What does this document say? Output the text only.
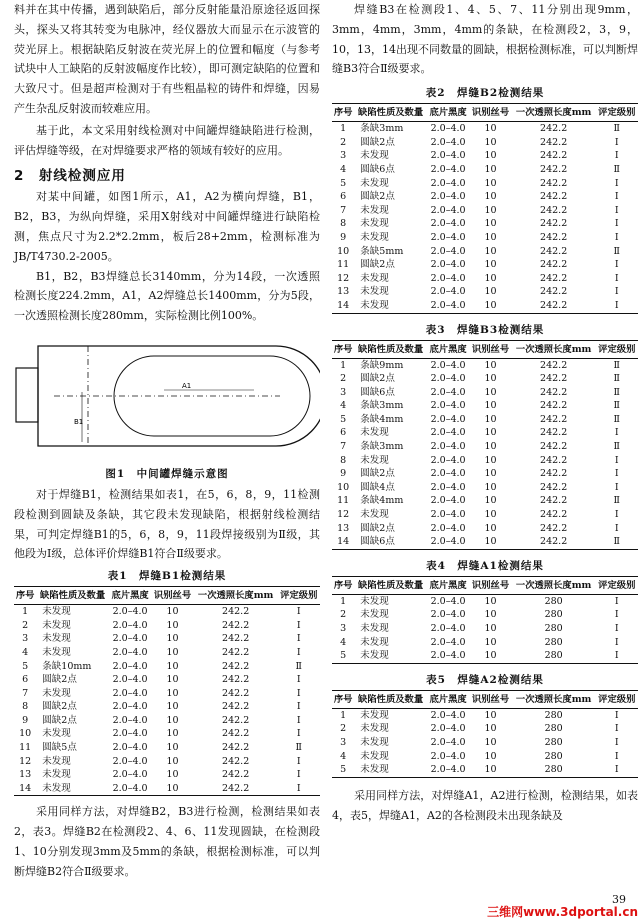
料并在其中传播，遇到缺陷后，部分反射能量沿原途径返回探头，探头又将其转变为电脉冲，经仪器放大而显示在示波管的荧光屏上。根据缺陷反射波在荧光屏上的位置和幅度（与参考试块中人工缺陷的反射波幅度作比较），即可测定缺陷的位置和大致尺寸。但是超声检测对于有些粗晶粒的铸件和焊缝，因易产生杂乱反射波而较难应用。

基于此，本文采用射线检测对中间罐焊缝缺陷进行检测，评估焊缝等级，在对焊缝要求严格的领域有较好的应用。

2　射线检测应用

对某中间罐，如图1所示，A1，A2为横向焊缝，B1，B2，B3，为纵向焊缝，采用X射线对中间罐焊缝进行缺陷检测，焦点尺寸为2.2*2.2mm，板后28+2mm，检测标准为JB/T4730.2-2005。

B1，B2，B3焊缝总长3140mm，分为14段，一次透照检测长度224.2mm，A1，A2焊缝总长1400mm，分为5段，一次透照检测长度280mm，实际检测比例100%。

A1
B1
图1　中间罐焊缝示意图

对于焊缝B1，检测结果如表1，在5，6，8，9，11检测段检测到圆缺及条缺，其它段未发现缺陷，根据射线检测结果，可判定焊缝B1的5，6，8，9，11段焊接级别为Ⅱ级，其他段为Ⅰ级，总体评价焊缝B1符合Ⅱ级要求。

表1　焊缝B1检测结果
序号	缺陷性质及数量	底片黑度	识别丝号	一次透照长度mm	评定级别
1	未发现	2.0–4.0	10	242.2	Ⅰ
2	未发现	2.0–4.0	10	242.2	Ⅰ
3	未发现	2.0–4.0	10	242.2	Ⅰ
4	未发现	2.0–4.0	10	242.2	Ⅰ
5	条缺10mm	2.0–4.0	10	242.2	Ⅱ
6	圆缺2点	2.0–4.0	10	242.2	Ⅰ
7	未发现	2.0–4.0	10	242.2	Ⅰ
8	圆缺2点	2.0–4.0	10	242.2	Ⅰ
9	圆缺2点	2.0–4.0	10	242.2	Ⅰ
10	未发现	2.0–4.0	10	242.2	Ⅰ
11	圆缺5点	2.0–4.0	10	242.2	Ⅱ
12	未发现	2.0–4.0	10	242.2	Ⅰ
13	未发现	2.0–4.0	10	242.2	Ⅰ
14	未发现	2.0–4.0	10	242.2	Ⅰ

采用同样方法，对焊缝B2，B3进行检测，检测结果如表2，表3。焊缝B2在检测段2、4、6、11发现圆缺，在检测段1、10分别发现3mm及5mm的条缺，根据检测标准，可以判断焊缝B2符合Ⅱ级要求。

焊缝B3在检测段1、4、5、7、11分别出现9mm，3mm，4mm，3mm，4mm的条缺，在检测段2，3，9，10，13，14出现不同数量的圆缺，根据检测标准，可以判断焊缝B3符合Ⅱ级要求。

表2　焊缝B2检测结果
序号	缺陷性质及数量	底片黑度	识别丝号	一次透照长度mm	评定级别
1	条缺3mm	2.0–4.0	10	242.2	Ⅱ
2	圆缺2点	2.0–4.0	10	242.2	Ⅰ
3	未发现	2.0–4.0	10	242.2	Ⅰ
4	圆缺6点	2.0–4.0	10	242.2	Ⅱ
5	未发现	2.0–4.0	10	242.2	Ⅰ
6	圆缺2点	2.0–4.0	10	242.2	Ⅰ
7	未发现	2.0–4.0	10	242.2	Ⅰ
8	未发现	2.0–4.0	10	242.2	Ⅰ
9	未发现	2.0–4.0	10	242.2	Ⅰ
10	条缺5mm	2.0–4.0	10	242.2	Ⅱ
11	圆缺2点	2.0–4.0	10	242.2	Ⅰ
12	未发现	2.0–4.0	10	242.2	Ⅰ
13	未发现	2.0–4.0	10	242.2	Ⅰ
14	未发现	2.0–4.0	10	242.2	Ⅰ
表3　焊缝B3检测结果
序号	缺陷性质及数量	底片黑度	识别丝号	一次透照长度mm	评定级别
1	条缺9mm	2.0–4.0	10	242.2	Ⅱ
2	圆缺2点	2.0–4.0	10	242.2	Ⅱ
3	圆缺6点	2.0–4.0	10	242.2	Ⅱ
4	条缺3mm	2.0–4.0	10	242.2	Ⅱ
5	条缺4mm	2.0–4.0	10	242.2	Ⅱ
6	未发现	2.0–4.0	10	242.2	Ⅰ
7	条缺3mm	2.0–4.0	10	242.2	Ⅱ
8	未发现	2.0–4.0	10	242.2	Ⅰ
9	圆缺2点	2.0–4.0	10	242.2	Ⅰ
10	圆缺4点	2.0–4.0	10	242.2	Ⅰ
11	条缺4mm	2.0–4.0	10	242.2	Ⅱ
12	未发现	2.0–4.0	10	242.2	Ⅰ
13	圆缺2点	2.0–4.0	10	242.2	Ⅰ
14	圆缺6点	2.0–4.0	10	242.2	Ⅱ
表4　焊缝A1检测结果
序号	缺陷性质及数量	底片黑度	识别丝号	一次透照长度mm	评定级别
1	未发现	2.0–4.0	10	280	Ⅰ
2	未发现	2.0–4.0	10	280	Ⅰ
3	未发现	2.0–4.0	10	280	Ⅰ
4	未发现	2.0–4.0	10	280	Ⅰ
5	未发现	2.0–4.0	10	280	Ⅰ
表5　焊缝A2检测结果
序号	缺陷性质及数量	底片黑度	识别丝号	一次透照长度mm	评定级别
1	未发现	2.0–4.0	10	280	Ⅰ
2	未发现	2.0–4.0	10	280	Ⅰ
3	未发现	2.0–4.0	10	280	Ⅰ
4	未发现	2.0–4.0	10	280	Ⅰ
5	未发现	2.0–4.0	10	280	Ⅰ

采用同样方法，对焊缝A1，A2进行检测，检测结果，如表4，表5，焊缝A1，A2的各检测段未出现条缺及

39
三维网www.3dportal.cn
